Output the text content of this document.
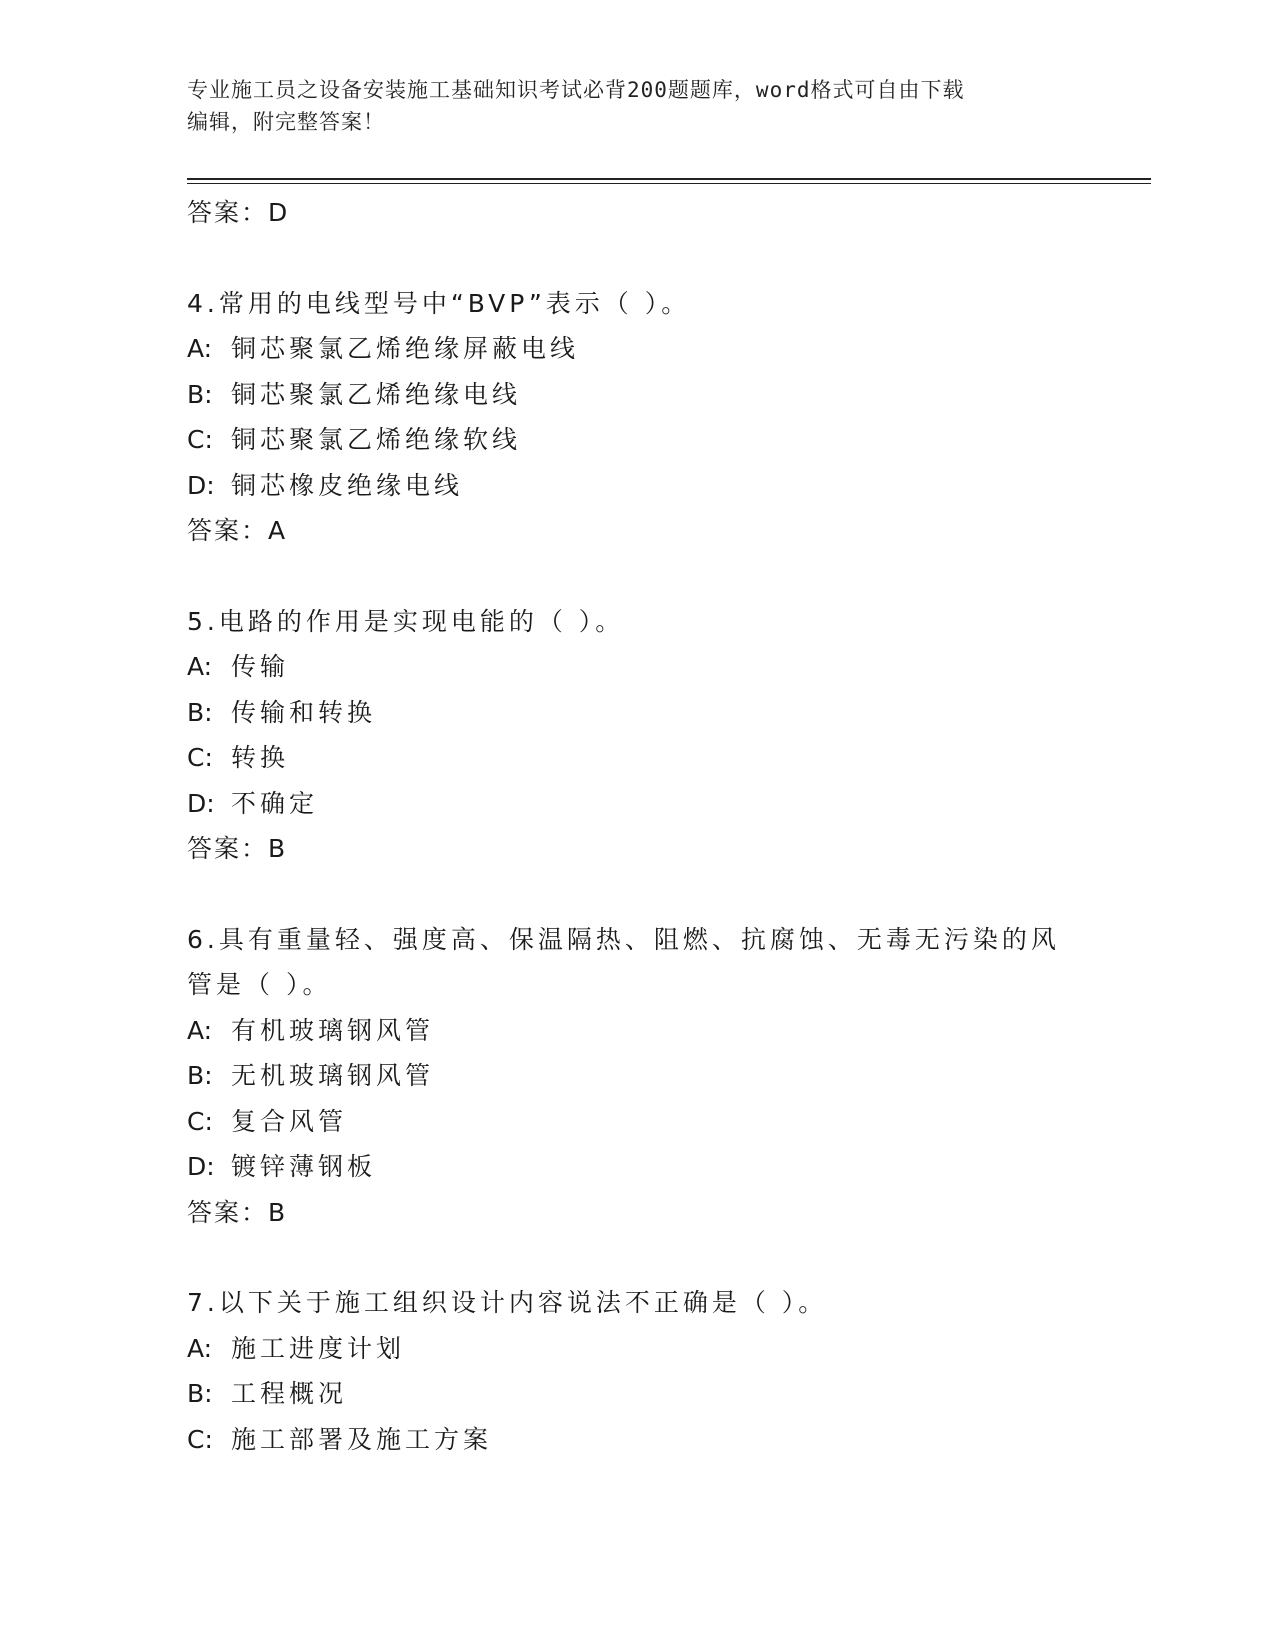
专业施工员之设备安装施工基础知识考试必背200题题库，word格式可自由下载
编辑，附完整答案！
答案：D
4.常用的电线型号中“BVP”表示（ ）。
A: 铜芯聚氯乙烯绝缘屏蔽电线
B: 铜芯聚氯乙烯绝缘电线
C: 铜芯聚氯乙烯绝缘软线
D: 铜芯橡皮绝缘电线
答案：A
5.电路的作用是实现电能的（ ）。
A: 传输
B: 传输和转换
C: 转换
D: 不确定
答案：B
6.具有重量轻、强度高、保温隔热、阻燃、抗腐蚀、无毒无污染的风
管是（ ）。
A: 有机玻璃钢风管
B: 无机玻璃钢风管
C: 复合风管
D: 镀锌薄钢板
答案：B
7.以下关于施工组织设计内容说法不正确是（ ）。
A: 施工进度计划
B: 工程概况
C: 施工部署及施工方案
